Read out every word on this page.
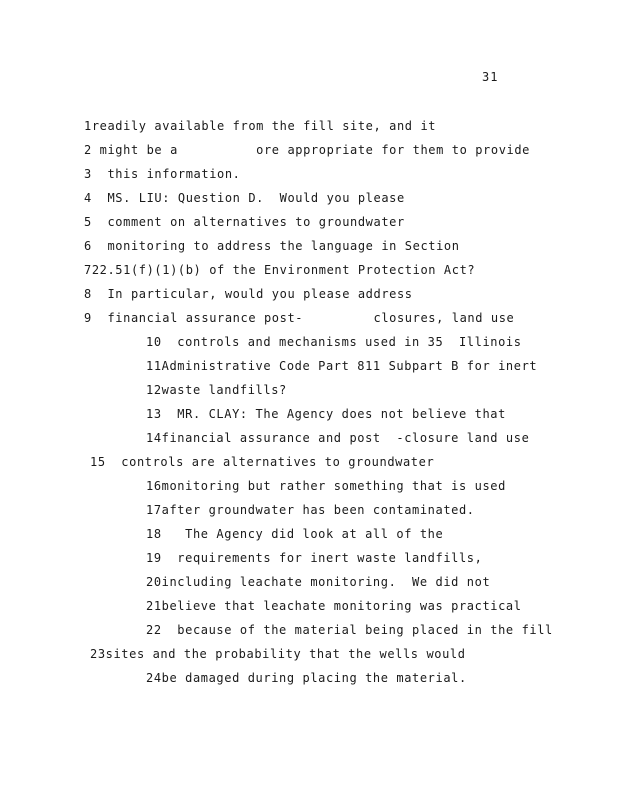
31
1readily available from the fill site, and it
2 might be a          ore appropriate for them to provide
3  this information.
4  MS. LIU: Question D.  Would you please
5  comment on alternatives to groundwater
6  monitoring to address the language in Section
722.51(f)(1)(b) of the Environment Protection Act?
8  In particular, would you please address
9  financial assurance post-         closures, land use
10  controls and mechanisms used in 35  Illinois
11Administrative Code Part 811 Subpart B for inert
12waste landfills?
13  MR. CLAY: The Agency does not believe that
14financial assurance and post  -closure land use
15  controls are alternatives to groundwater
16monitoring but rather something that is used
17after groundwater has been contaminated.
18   The Agency did look at all of the
19  requirements for inert waste landfills,
20including leachate monitoring.  We did not
21believe that leachate monitoring was practical
22  because of the material being placed in the fill
23sites and the probability that the wells would
24be damaged during placing the material.
